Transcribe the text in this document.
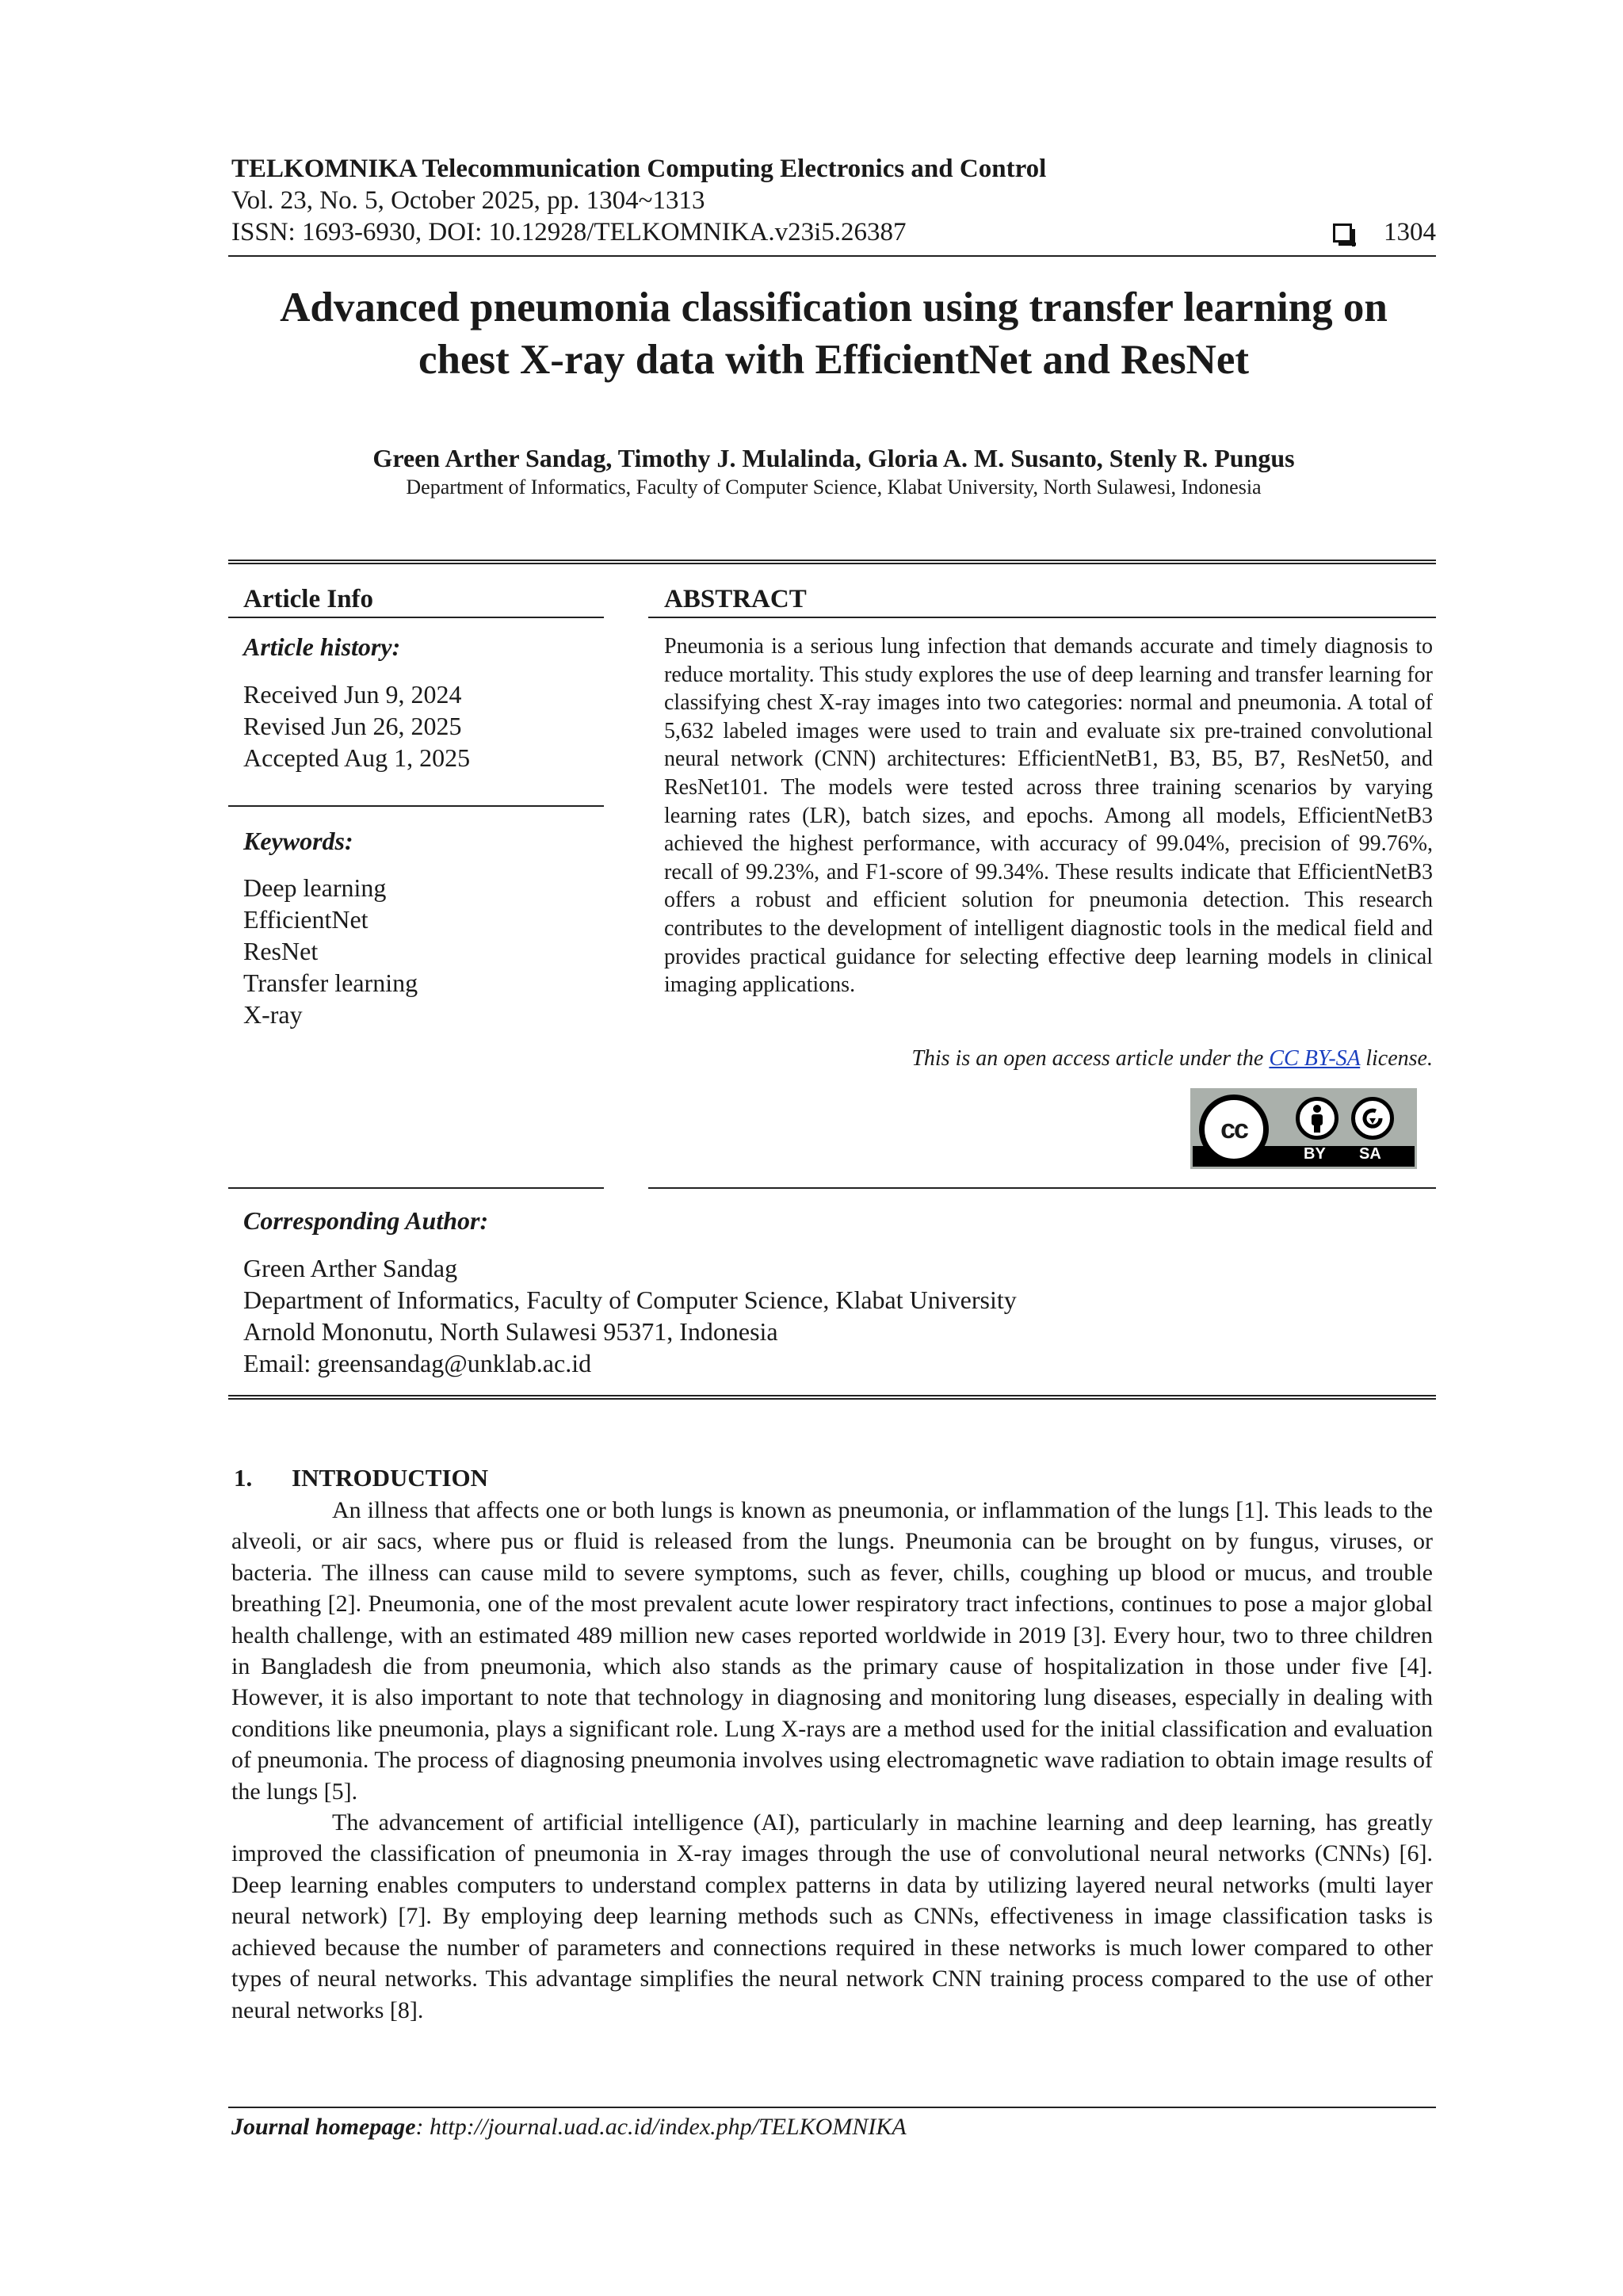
TELKOMNIKA Telecommunication Computing Electronics and Control
Vol. 23, No. 5, October 2025, pp. 1304~1313
ISSN: 1693-6930, DOI: 10.12928/TELKOMNIKA.v23i5.26387	1304
Advanced pneumonia classification using transfer learning on
chest X-ray data with EfficientNet and ResNet
Green Arther Sandag, Timothy J. Mulalinda, Gloria A. M. Susanto, Stenly R. Pungus
Department of Informatics, Faculty of Computer Science, Klabat University, North Sulawesi, Indonesia
Article Info
Article history:
Received Jun 9, 2024
Revised Jun 26, 2025
Accepted Aug 1, 2025
Keywords:
Deep learning
EfficientNet
ResNet
Transfer learning
X-ray
ABSTRACT
Pneumonia is a serious lung infection that demands accurate and timely diagnosis to reduce mortality. This study explores the use of deep learning and transfer learning for classifying chest X-ray images into two categories: normal and pneumonia. A total of 5,632 labeled images were used to train and evaluate six pre-trained convolutional neural network (CNN) architectures: EfficientNetB1, B3, B5, B7, ResNet50, and ResNet101. The models were tested across three training scenarios by varying learning rates (LR), batch sizes, and epochs. Among all models, EfficientNetB3 achieved the highest performance, with accuracy of 99.04%, precision of 99.76%, recall of 99.23%, and F1-score of 99.34%. These results indicate that EfficientNetB3 offers a robust and efficient solution for pneumonia detection. This research contributes to the development of intelligent diagnostic tools in the medical field and provides practical guidance for selecting effective deep learning models in clinical imaging applications.
This is an open access article under the CC BY-SA license.
cc
BY SA
Corresponding Author:
Green Arther Sandag
Department of Informatics, Faculty of Computer Science, Klabat University
Arnold Mononutu, North Sulawesi 95371, Indonesia
Email: greensandag@unklab.ac.id
1. INTRODUCTION

An illness that affects one or both lungs is known as pneumonia, or inflammation of the lungs [1]. This leads to the alveoli, or air sacs, where pus or fluid is released from the lungs. Pneumonia can be brought on by fungus, viruses, or bacteria. The illness can cause mild to severe symptoms, such as fever, chills, coughing up blood or mucus, and trouble breathing [2]. Pneumonia, one of the most prevalent acute lower respiratory tract infections, continues to pose a major global health challenge, with an estimated 489 million new cases reported worldwide in 2019 [3]. Every hour, two to three children in Bangladesh die from pneumonia, which also stands as the primary cause of hospitalization in those under five [4]. However, it is also important to note that technology in diagnosing and monitoring lung diseases, especially in dealing with conditions like pneumonia, plays a significant role. Lung X-rays are a method used for the initial classification and evaluation of pneumonia. The process of diagnosing pneumonia involves using electromagnetic wave radiation to obtain image results of the lungs [5].

The advancement of artificial intelligence (AI), particularly in machine learning and deep learning, has greatly improved the classification of pneumonia in X-ray images through the use of convolutional neural networks (CNNs) [6]. Deep learning enables computers to understand complex patterns in data by utilizing layered neural networks (multi layer neural network) [7]. By employing deep learning methods such as CNNs, effectiveness in image classification tasks is achieved because the number of parameters and connections required in these networks is much lower compared to other types of neural networks. This advantage simplifies the neural network CNN training process compared to the use of other neural networks [8].

Journal homepage: http://journal.uad.ac.id/index.php/TELKOMNIKA
